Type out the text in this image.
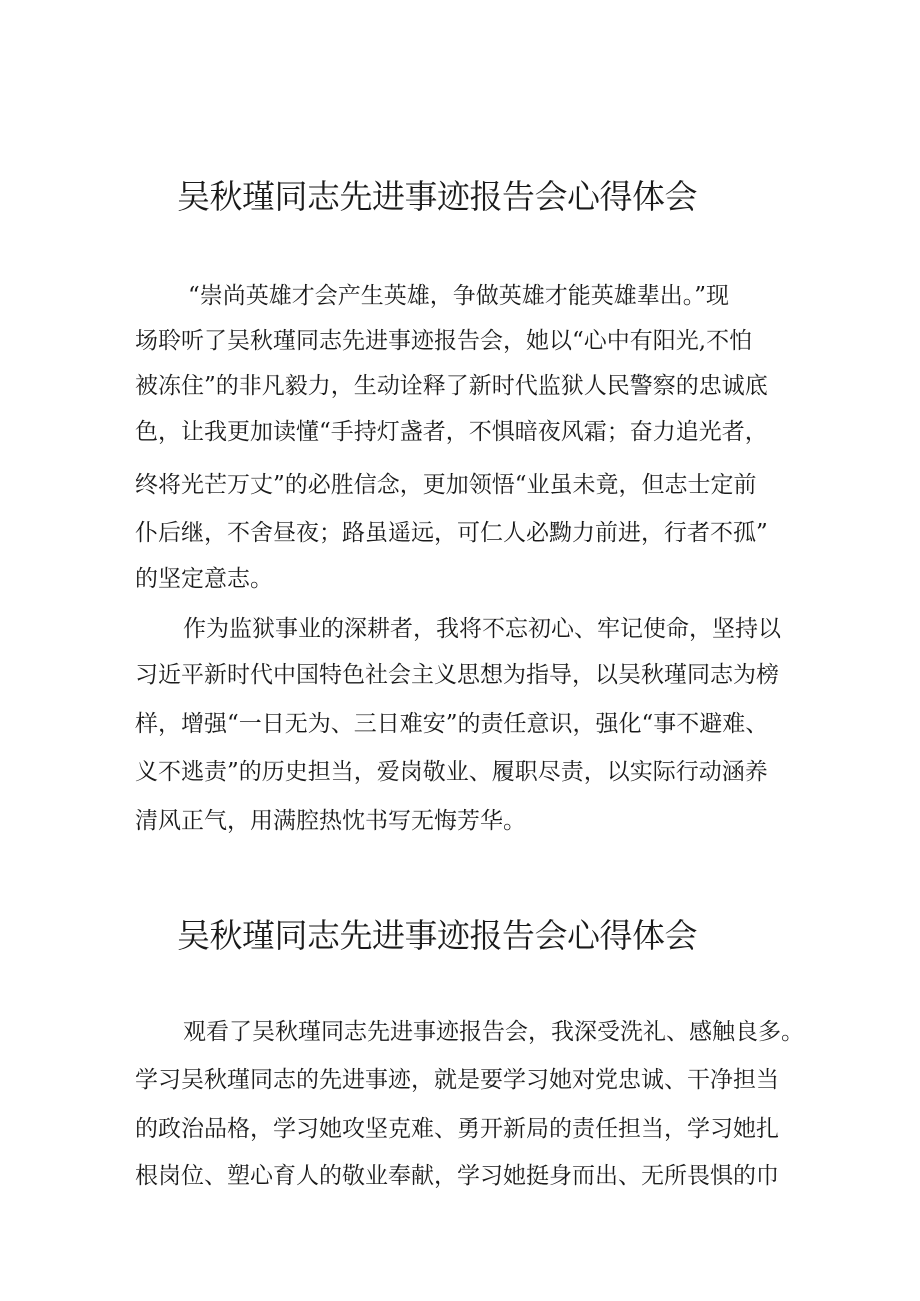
吴秋瑾同志先进事迹报告会心得体会
“崇尚英雄才会产生英雄，争做英雄才能英雄辈出。”现
场聆听了吴秋瑾同志先进事迹报告会，她以“心中有阳光,不怕
被冻住”的非凡毅力，生动诠释了新时代监狱人民警察的忠诚底
色，让我更加读懂“手持灯盏者，不惧暗夜风霜；奋力追光者，
终将光芒万丈”的必胜信念，更加领悟“业虽未竟，但志士定前
仆后继，不舍昼夜；路虽遥远，可仁人必黝力前进，行者不孤”
的坚定意志。
作为监狱事业的深耕者，我将不忘初心、牢记使命，坚持以
习近平新时代中国特色社会主义思想为指导，以吴秋瑾同志为榜
样，增强“一日无为、三日难安”的责任意识，强化“事不避难、
义不逃责”的历史担当，爱岗敬业、履职尽责，以实际行动涵养
清风正气，用满腔热忱书写无悔芳华。
吴秋瑾同志先进事迹报告会心得体会
观看了吴秋瑾同志先进事迹报告会，我深受洗礼、感触良多。
学习吴秋瑾同志的先进事迹，就是要学习她对党忠诚、干净担当
的政治品格，学习她攻坚克难、勇开新局的责任担当，学习她扎
根岗位、塑心育人的敬业奉献，学习她挺身而出、无所畏惧的巾
